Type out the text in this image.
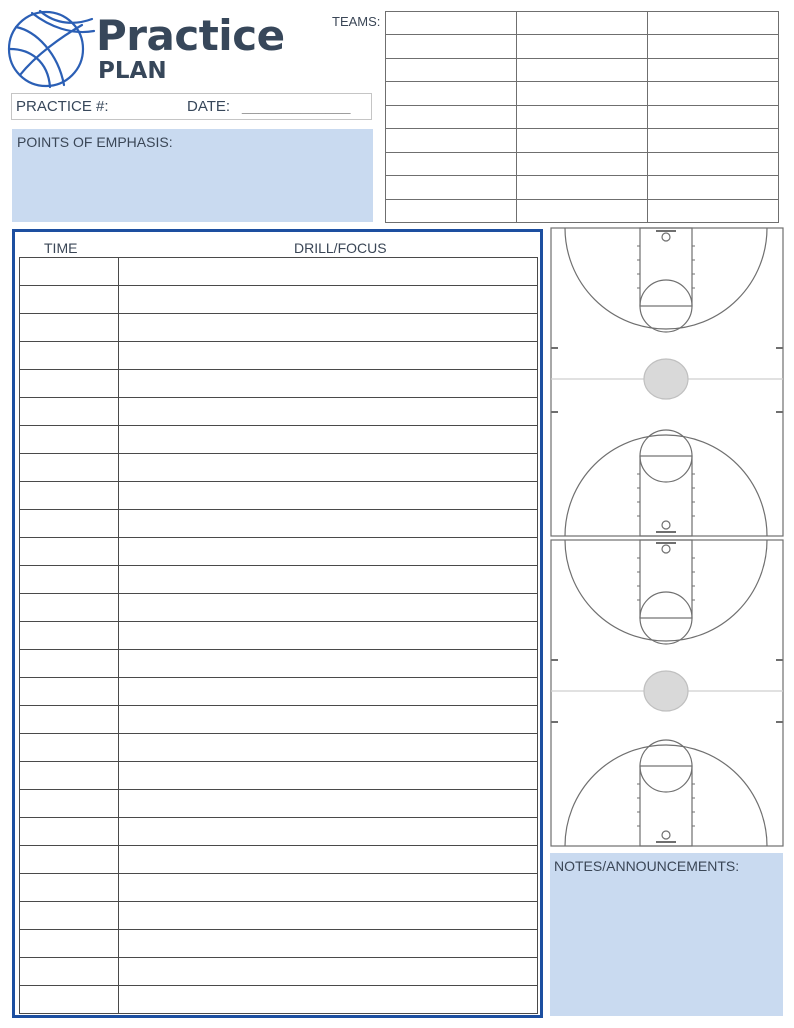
Practice
PLAN
PRACTICE #:	DATE: _____________
POINTS OF EMPHASIS:
TEAMS:

TIME	DRILL/FOCUS

NOTES/ANNOUNCEMENTS:
